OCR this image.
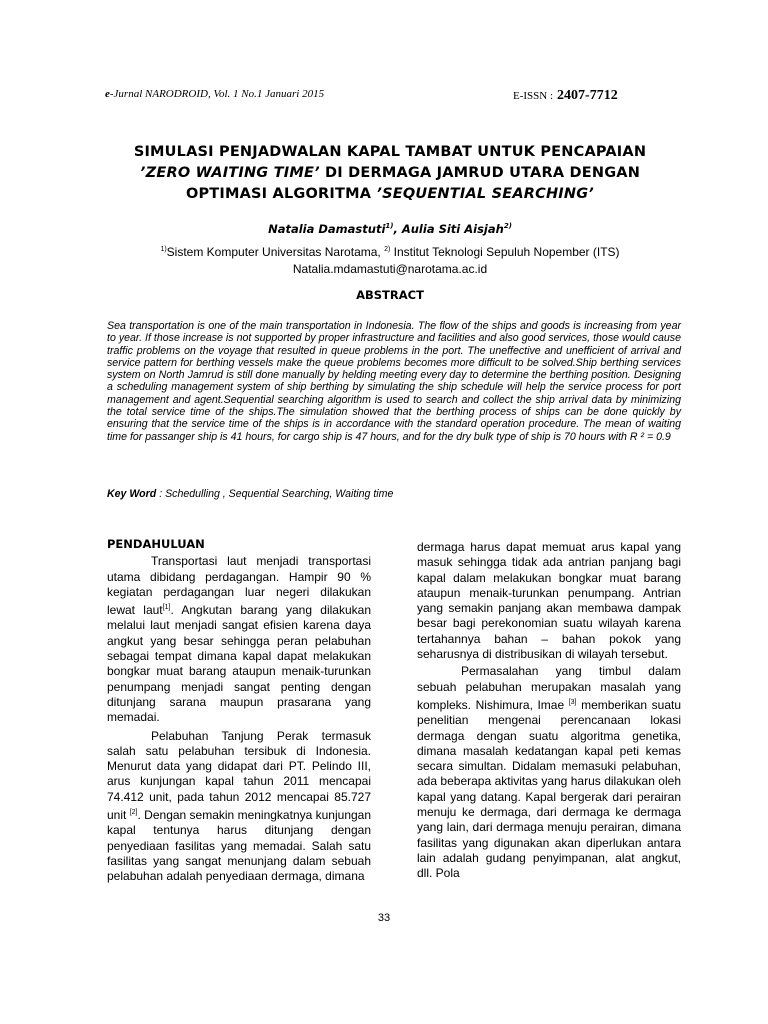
e-Jurnal NARODROID, Vol. 1 No.1 Januari 2015	E-ISSN : 2407-7712
SIMULASI PENJADWALAN KAPAL TAMBAT UNTUK PENCAPAIAN
’ZERO WAITING TIME’ DI DERMAGA JAMRUD UTARA DENGAN
OPTIMASI ALGORITMA ’SEQUENTIAL SEARCHING’
Natalia Damastuti$^{1)}$, Aulia Siti Aisjah$^{2)}$
$^{1)}$Sistem Komputer Universitas Narotama, $^{2)}$ Institut Teknologi Sepuluh Nopember (ITS)
Natalia.mdamastuti@narotama.ac.id
ABSTRACT
Sea transportation is one of the main transportation in Indonesia. The flow of the ships and goods is increasing from year to year. If those increase is not supported by proper infrastructure and facilities and also good services, those would cause traffic problems on the voyage that resulted in queue problems in the port. The uneffective and unefficient of arrival and service pattern for berthing vessels make the queue problems becomes more difficult to be solved.Ship berthing services system on North Jamrud is still done manually by helding meeting every day to determine the berthing position. Designing a scheduling management system of ship berthing by simulating the ship schedule will help the service process for port management and agent.Sequential searching algorithm is used to search and collect the ship arrival data by minimizing the total service time of the ships.The simulation showed that the berthing process of ships can be done quickly by ensuring that the service time of the ships is in accordance with the standard operation procedure. The mean of waiting time for passanger ship is 41 hours, for cargo ship is 47 hours, and for the dry bulk type of ship is 70 hours with R ² = 0.9
Key Word : Schedulling , Sequential Searching, Waiting time
PENDAHULUAN

Transportasi laut menjadi transportasi utama dibidang perdagangan. Hampir 90 % kegiatan perdagangan luar negeri dilakukan lewat laut[1]. Angkutan barang yang dilakukan melalui laut menjadi sangat efisien karena daya angkut yang besar sehingga peran pelabuhan sebagai tempat dimana kapal dapat melakukan bongkar muat barang ataupun menaik-turunkan penumpang menjadi sangat penting dengan ditunjang sarana maupun prasarana yang memadai.

Pelabuhan Tanjung Perak termasuk salah satu pelabuhan tersibuk di Indonesia. Menurut data yang didapat dari PT. Pelindo III, arus kunjungan kapal tahun 2011 mencapai 74.412 unit, pada tahun 2012 mencapai 85.727 unit [2]. Dengan semakin meningkatnya kunjungan kapal tentunya harus ditunjang dengan penyediaan fasilitas yang memadai. Salah satu fasilitas yang sangat menunjang dalam sebuah pelabuhan adalah penyediaan dermaga, dimana

dermaga harus dapat memuat arus kapal yang masuk sehingga tidak ada antrian panjang bagi kapal dalam melakukan bongkar muat barang ataupun menaik-turunkan penumpang. Antrian yang semakin panjang akan membawa dampak besar bagi perekonomian suatu wilayah karena tertahannya bahan – bahan pokok yang seharusnya di distribusikan di wilayah tersebut.

Permasalahan yang timbul dalam sebuah pelabuhan merupakan masalah yang kompleks. Nishimura, Imae [3] memberikan suatu penelitian mengenai perencanaan lokasi dermaga dengan suatu algoritma genetika, dimana masalah kedatangan kapal peti kemas secara simultan. Didalam memasuki pelabuhan, ada beberapa aktivitas yang harus dilakukan oleh kapal yang datang. Kapal bergerak dari perairan menuju ke dermaga, dari dermaga ke dermaga yang lain, dari dermaga menuju perairan, dimana fasilitas yang digunakan akan diperlukan antara lain adalah gudang penyimpanan, alat angkut, dll. Pola

33
